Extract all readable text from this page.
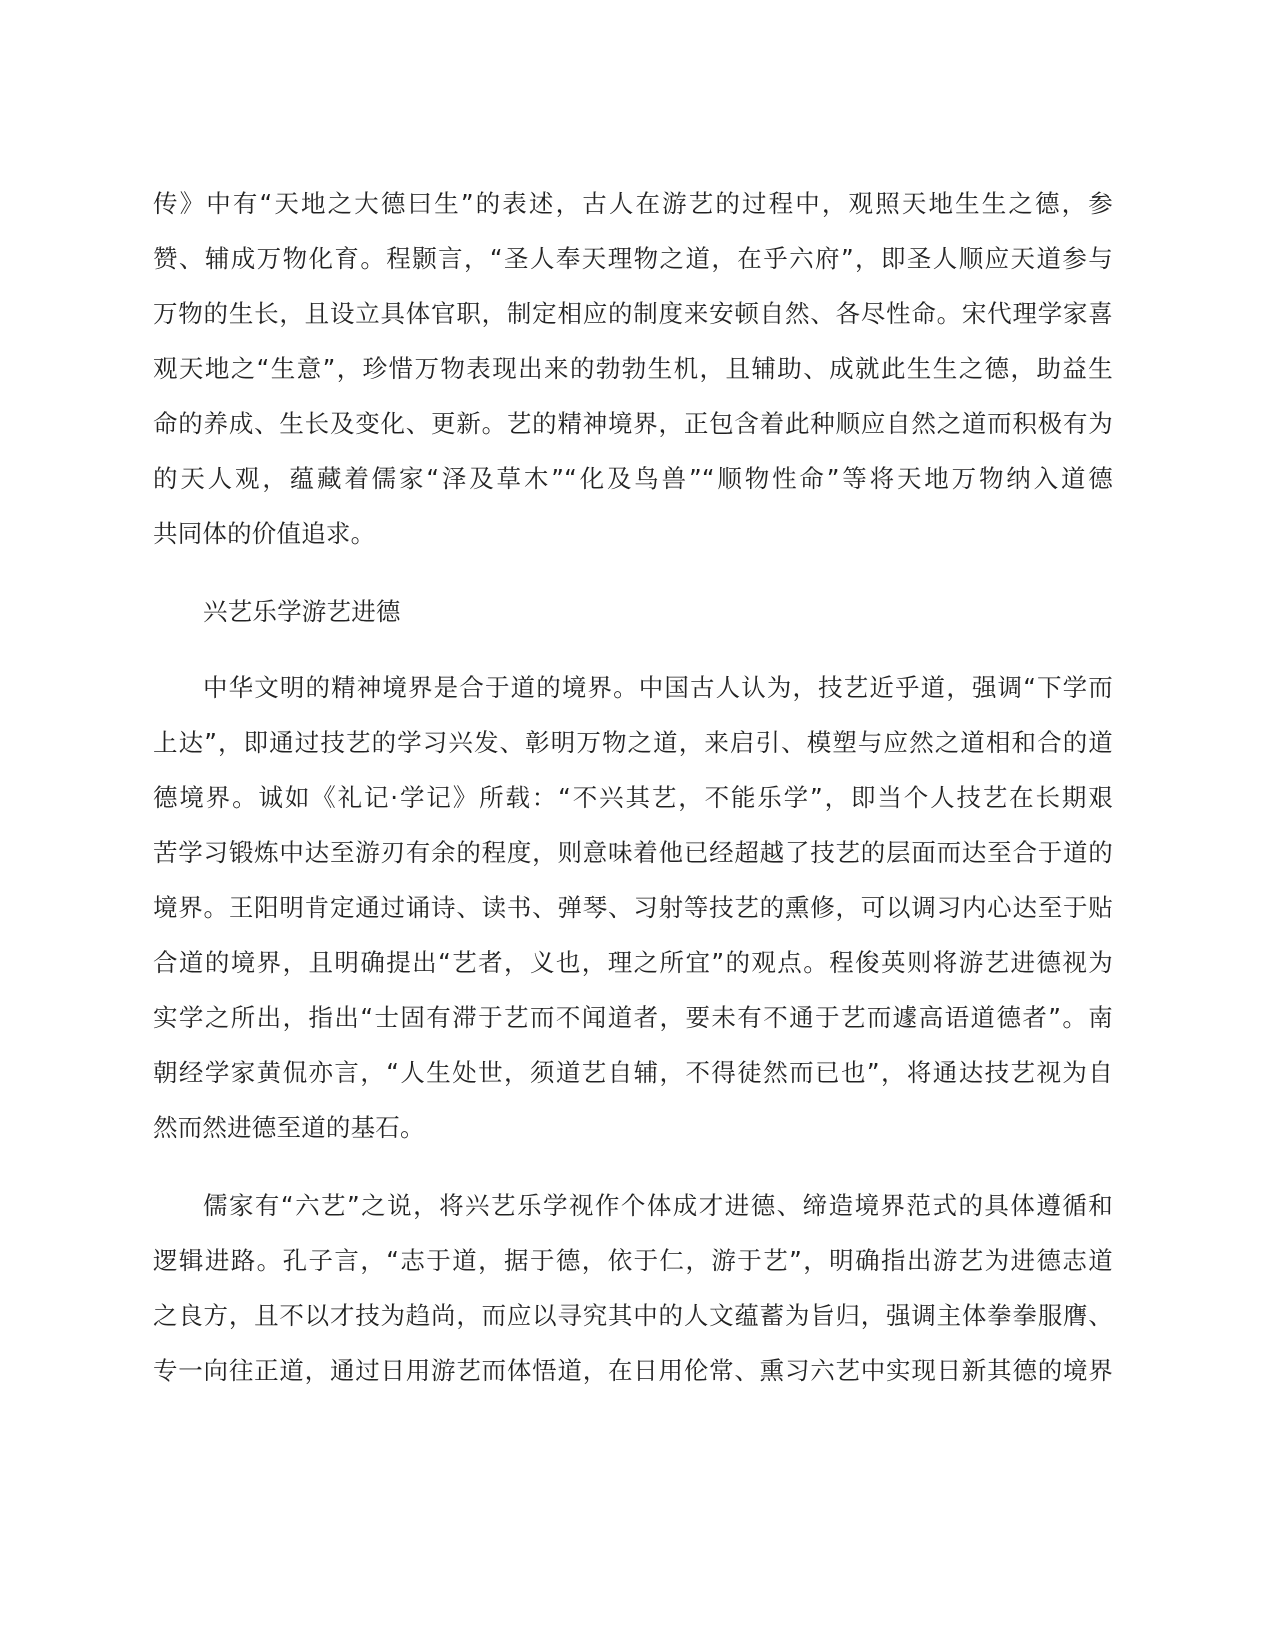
传》中有“天地之大德曰生”的表述，古人在游艺的过程中，观照天地生生之德，参
赞、辅成万物化育。程颢言，“圣人奉天理物之道，在乎六府”，即圣人顺应天道参与
万物的生长，且设立具体官职，制定相应的制度来安顿自然、各尽性命。宋代理学家喜
观天地之“生意”，珍惜万物表现出来的勃勃生机，且辅助、成就此生生之德，助益生
命的养成、生长及变化、更新。艺的精神境界，正包含着此种顺应自然之道而积极有为
的天人观，蕴藏着儒家“泽及草木”“化及鸟兽”“顺物性命”等将天地万物纳入道德
共同体的价值追求。
兴艺乐学游艺进德
中华文明的精神境界是合于道的境界。中国古人认为，技艺近乎道，强调“下学而
上达”，即通过技艺的学习兴发、彰明万物之道，来启引、模塑与应然之道相和合的道
德境界。诚如《礼记·学记》所载：“不兴其艺，不能乐学”，即当个人技艺在长期艰
苦学习锻炼中达至游刃有余的程度，则意味着他已经超越了技艺的层面而达至合于道的
境界。王阳明肯定通过诵诗、读书、弹琴、习射等技艺的熏修，可以调习内心达至于贴
合道的境界，且明确提出“艺者，义也，理之所宜”的观点。程俊英则将游艺进德视为
实学之所出，指出“士固有滞于艺而不闻道者，要未有不通于艺而遽高语道德者”。南
朝经学家黄侃亦言，“人生处世，须道艺自辅，不得徒然而已也”，将通达技艺视为自
然而然进德至道的基石。
儒家有“六艺”之说，将兴艺乐学视作个体成才进德、缔造境界范式的具体遵循和
逻辑进路。孔子言，“志于道，据于德，依于仁，游于艺”，明确指出游艺为进德志道
之良方，且不以才技为趋尚，而应以寻究其中的人文蕴蓄为旨归，强调主体拳拳服膺、
专一向往正道，通过日用游艺而体悟道，在日用伦常、熏习六艺中实现日新其德的境界
